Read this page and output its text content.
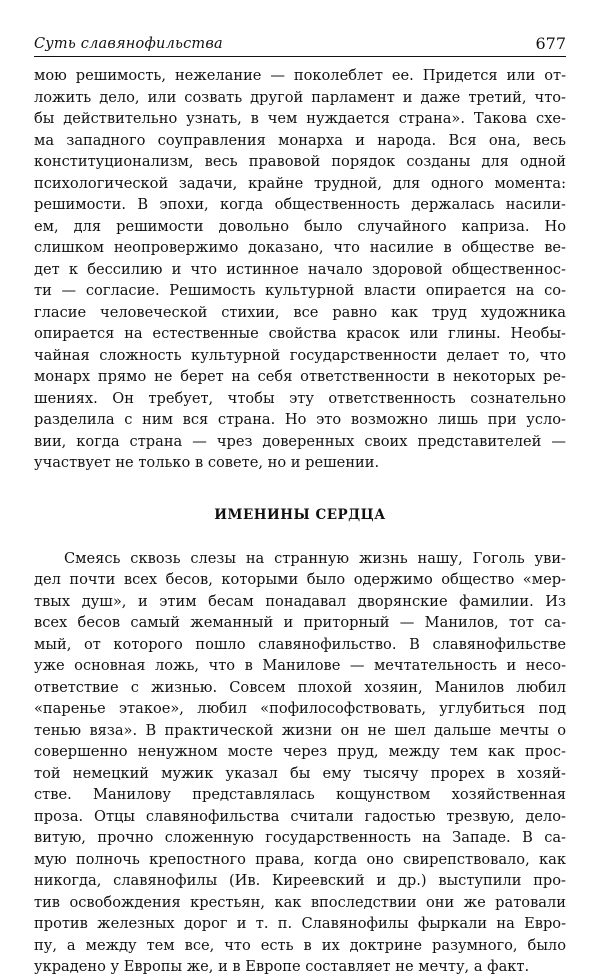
Суть славянофильства	677
мою решимость, нежелание — поколеблет ее. Придется или от-
ложить дело, или созвать другой парламент и даже третий, что-
бы действительно узнать, в чем нуждается страна». Такова схе-
ма западного соуправления монарха и народа. Вся она, весь
конституционализм, весь правовой порядок созданы для одной
психологической задачи, крайне трудной, для одного момента:
решимости. В эпохи, когда общественность держалась насили-
ем, для решимости довольно было случайного каприза. Но
слишком неопровержимо доказано, что насилие в обществе ве-
дет к бессилию и что истинное начало здоровой общественнос-
ти — согласие. Решимость культурной власти опирается на со-
гласие человеческой стихии, все равно как труд художника
опирается на естественные свойства красок или глины. Необы-
чайная сложность культурной государственности делает то, что
монарх прямо не берет на себя ответственности в некоторых ре-
шениях. Он требует, чтобы эту ответственность сознательно
разделила с ним вся страна. Но это возможно лишь при усло-
вии, когда страна — чрез доверенных своих представителей —
участвует не только в совете, но и решении.
ИМЕНИНЫ СЕРДЦА
Смеясь сквозь слезы на странную жизнь нашу, Гоголь уви-
дел почти всех бесов, которыми было одержимо общество «мер-
твых душ», и этим бесам понадавал дворянские фамилии. Из
всех бесов самый жеманный и приторный — Манилов, тот са-
мый, от которого пошло славянофильство. В славянофильстве
уже основная ложь, что в Манилове — мечтательность и несо-
ответствие с жизнью. Совсем плохой хозяин, Манилов любил
«паренье этакое», любил «пофилософствовать, углубиться под
тенью вяза». В практической жизни он не шел дальше мечты о
совершенно ненужном мосте через пруд, между тем как прос-
той немецкий мужик указал бы ему тысячу прорех в хозяй-
стве. Манилову представлялась кощунством хозяйственная
проза. Отцы славянофильства считали гадостью трезвую, дело-
витую, прочно сложенную государственность на Западе. В са-
мую полночь крепостного права, когда оно свирепствовало, как
никогда, славянофилы (Ив. Киреевский и др.) выступили про-
тив освобождения крестьян, как впоследствии они же ратовали
против железных дорог и т. п. Славянофилы фыркали на Евро-
пу, а между тем все, что есть в их доктрине разумного, было
украдено у Европы же, и в Европе составляет не мечту, а факт.
